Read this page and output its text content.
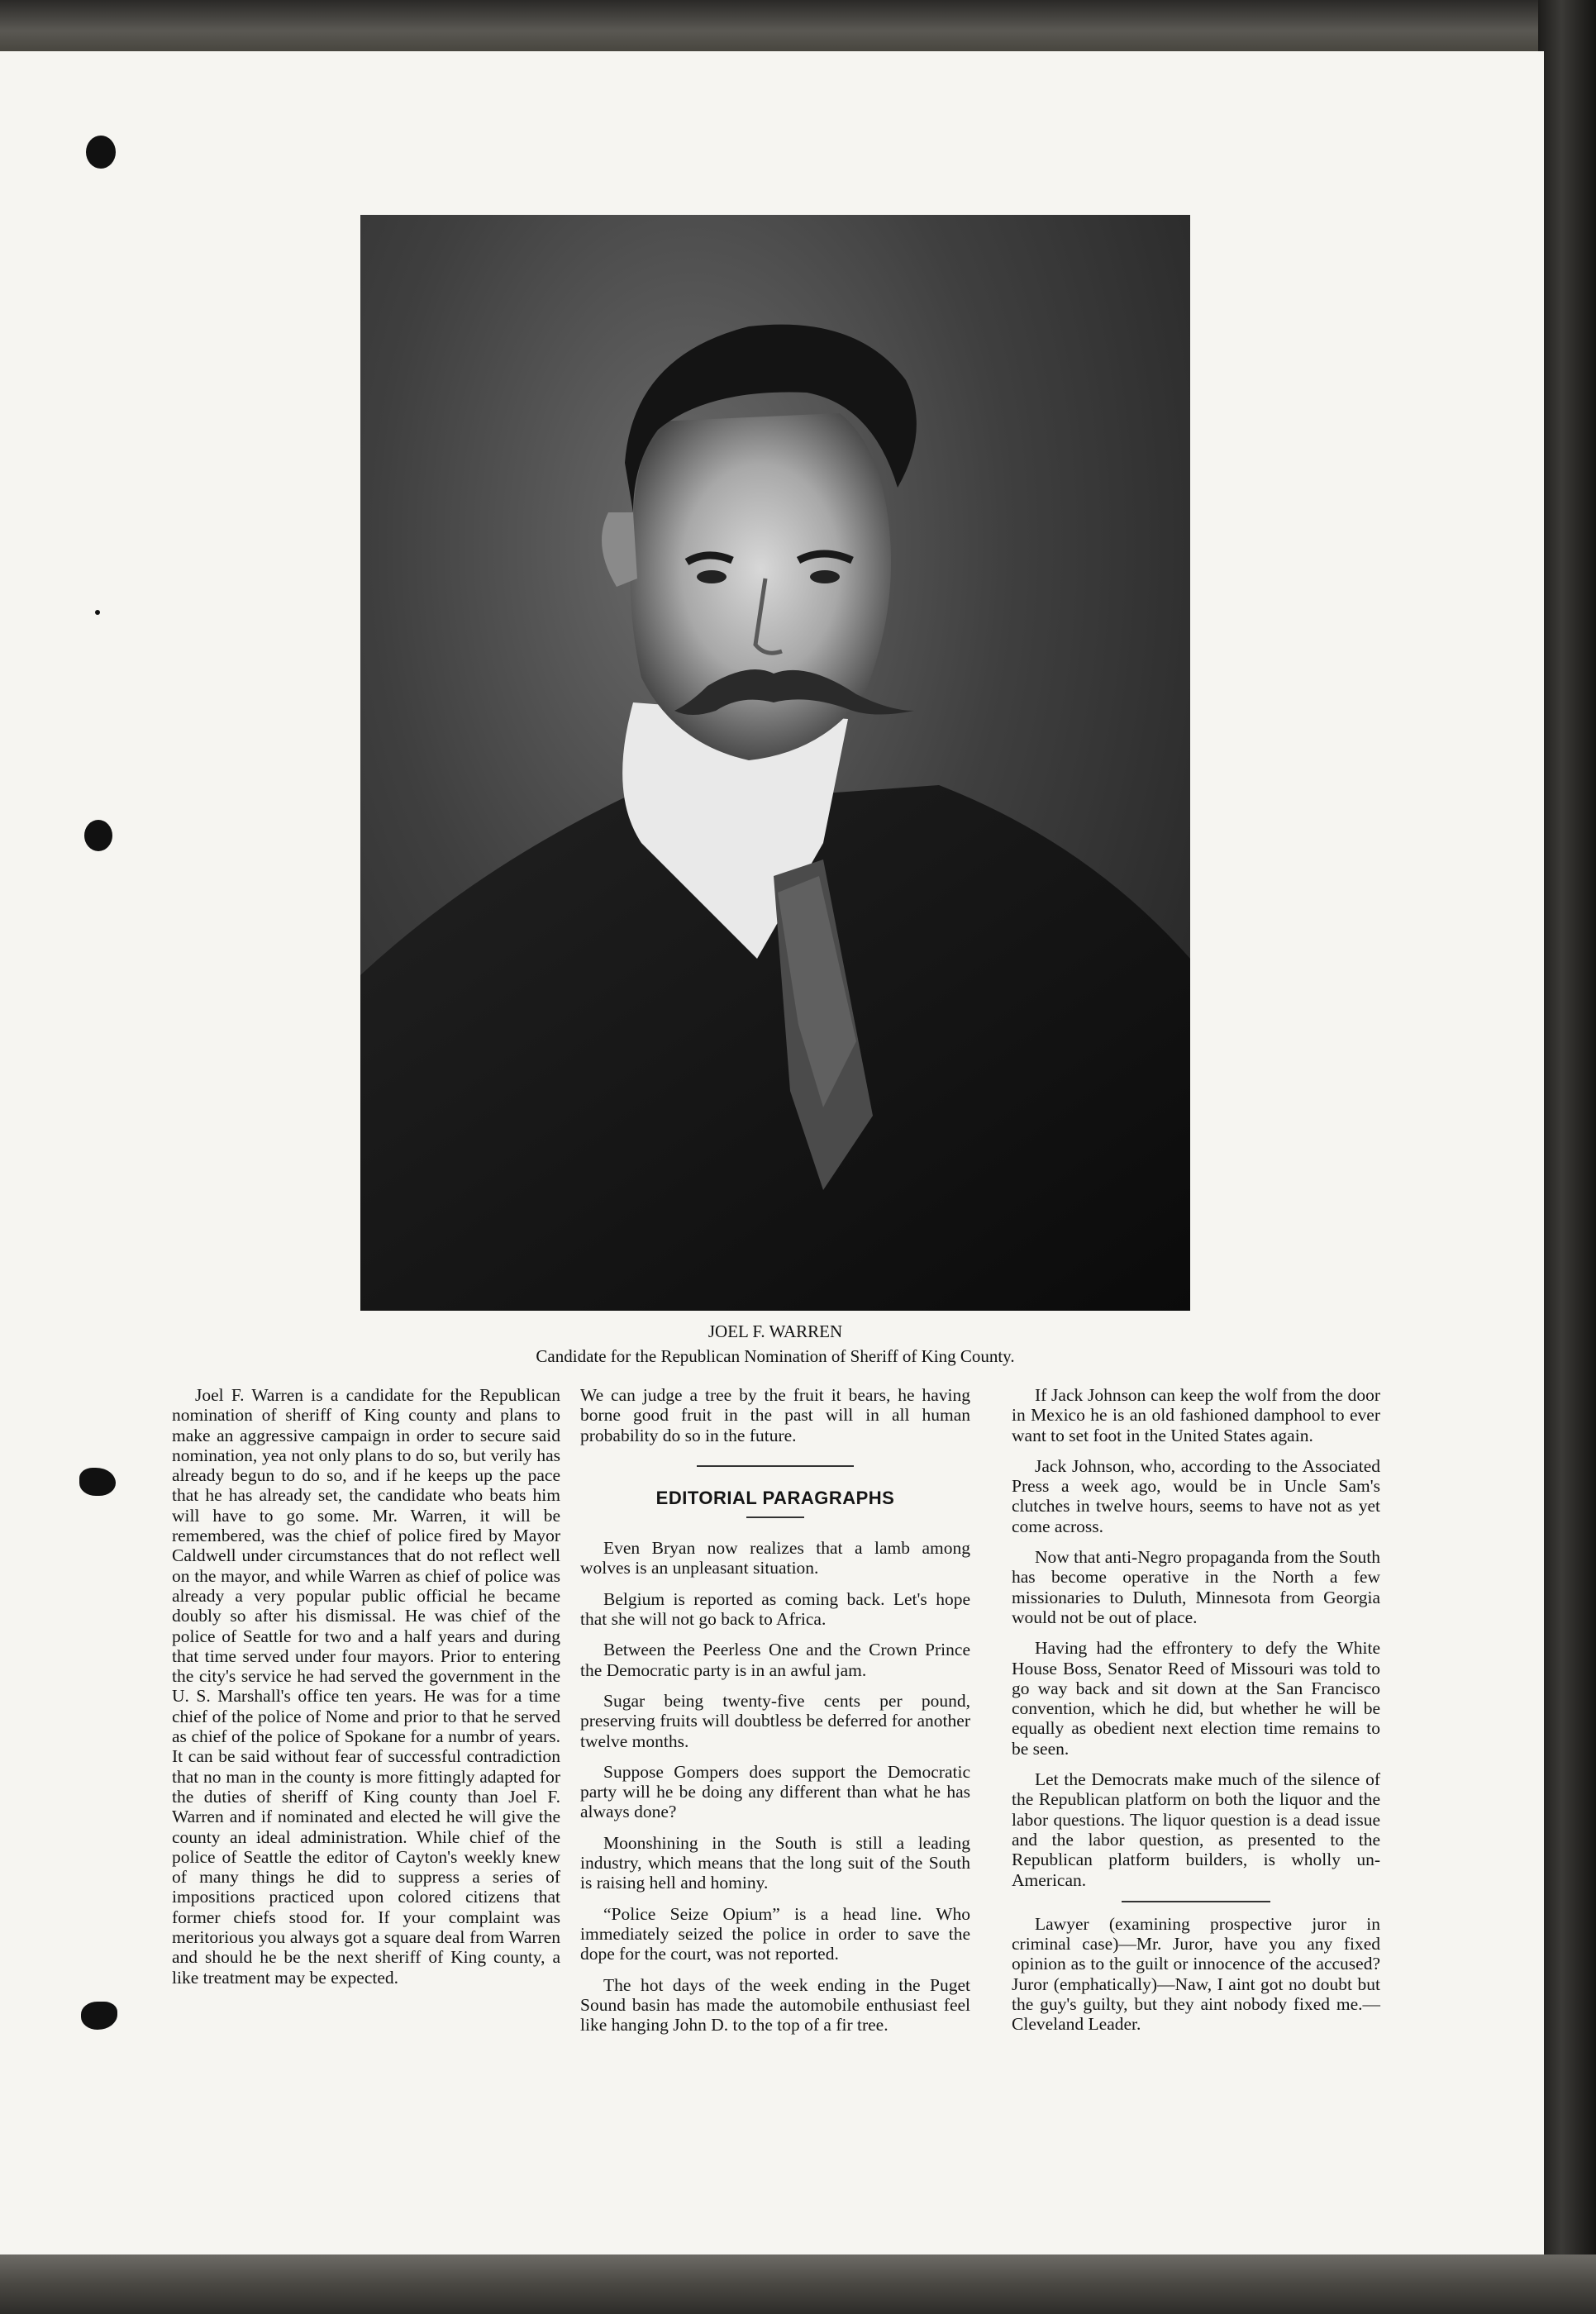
JOEL F. WARREN
Candidate for the Republican Nomination of Sheriff of King County.

Joel F. Warren is a candidate for the Republican nomination of sheriff of King county and plans to make an aggressive campaign in order to secure said nomination, yea not only plans to do so, but verily has already begun to do so, and if he keeps up the pace that he has already set, the candidate who beats him will have to go some. Mr. Warren, it will be remembered, was the chief of police fired by Mayor Caldwell under circumstances that do not reflect well on the mayor, and while Warren as chief of police was already a very popular public official he became doubly so after his dismissal. He was chief of the police of Seattle for two and a half years and during that time served under four mayors. Prior to entering the city's service he had served the government in the U. S. Marshall's office ten years. He was for a time chief of the police of Nome and prior to that he served as chief of the police of Spokane for a numbr of years. It can be said without fear of successful contradiction that no man in the county is more fittingly adapted for the duties of sheriff of King county than Joel F. Warren and if nominated and elected he will give the county an ideal administration. While chief of the police of Seattle the editor of Cayton's weekly knew of many things he did to suppress a series of impositions practiced upon colored citizens that former chiefs stood for. If your complaint was meritorious you always got a square deal from Warren and should he be the next sheriff of King county, a like treatment may be expected.

We can judge a tree by the fruit it bears, he having borne good fruit in the past will in all human probability do so in the future.

EDITORIAL PARAGRAPHS

Even Bryan now realizes that a lamb among wolves is an unpleasant situation.

Belgium is reported as coming back. Let's hope that she will not go back to Africa.

Between the Peerless One and the Crown Prince the Democratic party is in an awful jam.

Sugar being twenty-five cents per pound, preserving fruits will doubtless be deferred for another twelve months.

Suppose Gompers does support the Democratic party will he be doing any different than what he has always done?

Moonshining in the South is still a leading industry, which means that the long suit of the South is raising hell and hominy.

“Police Seize Opium” is a head line. Who immediately seized the police in order to save the dope for the court, was not reported.

The hot days of the week ending in the Puget Sound basin has made the automobile enthusiast feel like hanging John D. to the top of a fir tree.

If Jack Johnson can keep the wolf from the door in Mexico he is an old fashioned damphool to ever want to set foot in the United States again.

Jack Johnson, who, according to the Associated Press a week ago, would be in Uncle Sam's clutches in twelve hours, seems to have not as yet come across.

Now that anti-Negro propaganda from the South has become operative in the North a few missionaries to Duluth, Minnesota from Georgia would not be out of place.

Having had the effrontery to defy the White House Boss, Senator Reed of Missouri was told to go way back and sit down at the San Francisco convention, which he did, but whether he will be equally as obedient next election time remains to be seen.

Let the Democrats make much of the silence of the Republican platform on both the liquor and the labor questions. The liquor question is a dead issue and the labor question, as presented to the Republican platform builders, is wholly un-American.

Lawyer (examining prospective juror in criminal case)—Mr. Juror, have you any fixed opinion as to the guilt or innocence of the accused? Juror (emphatically)—Naw, I aint got no doubt but the guy's guilty, but they aint nobody fixed me.—Cleveland Leader.
